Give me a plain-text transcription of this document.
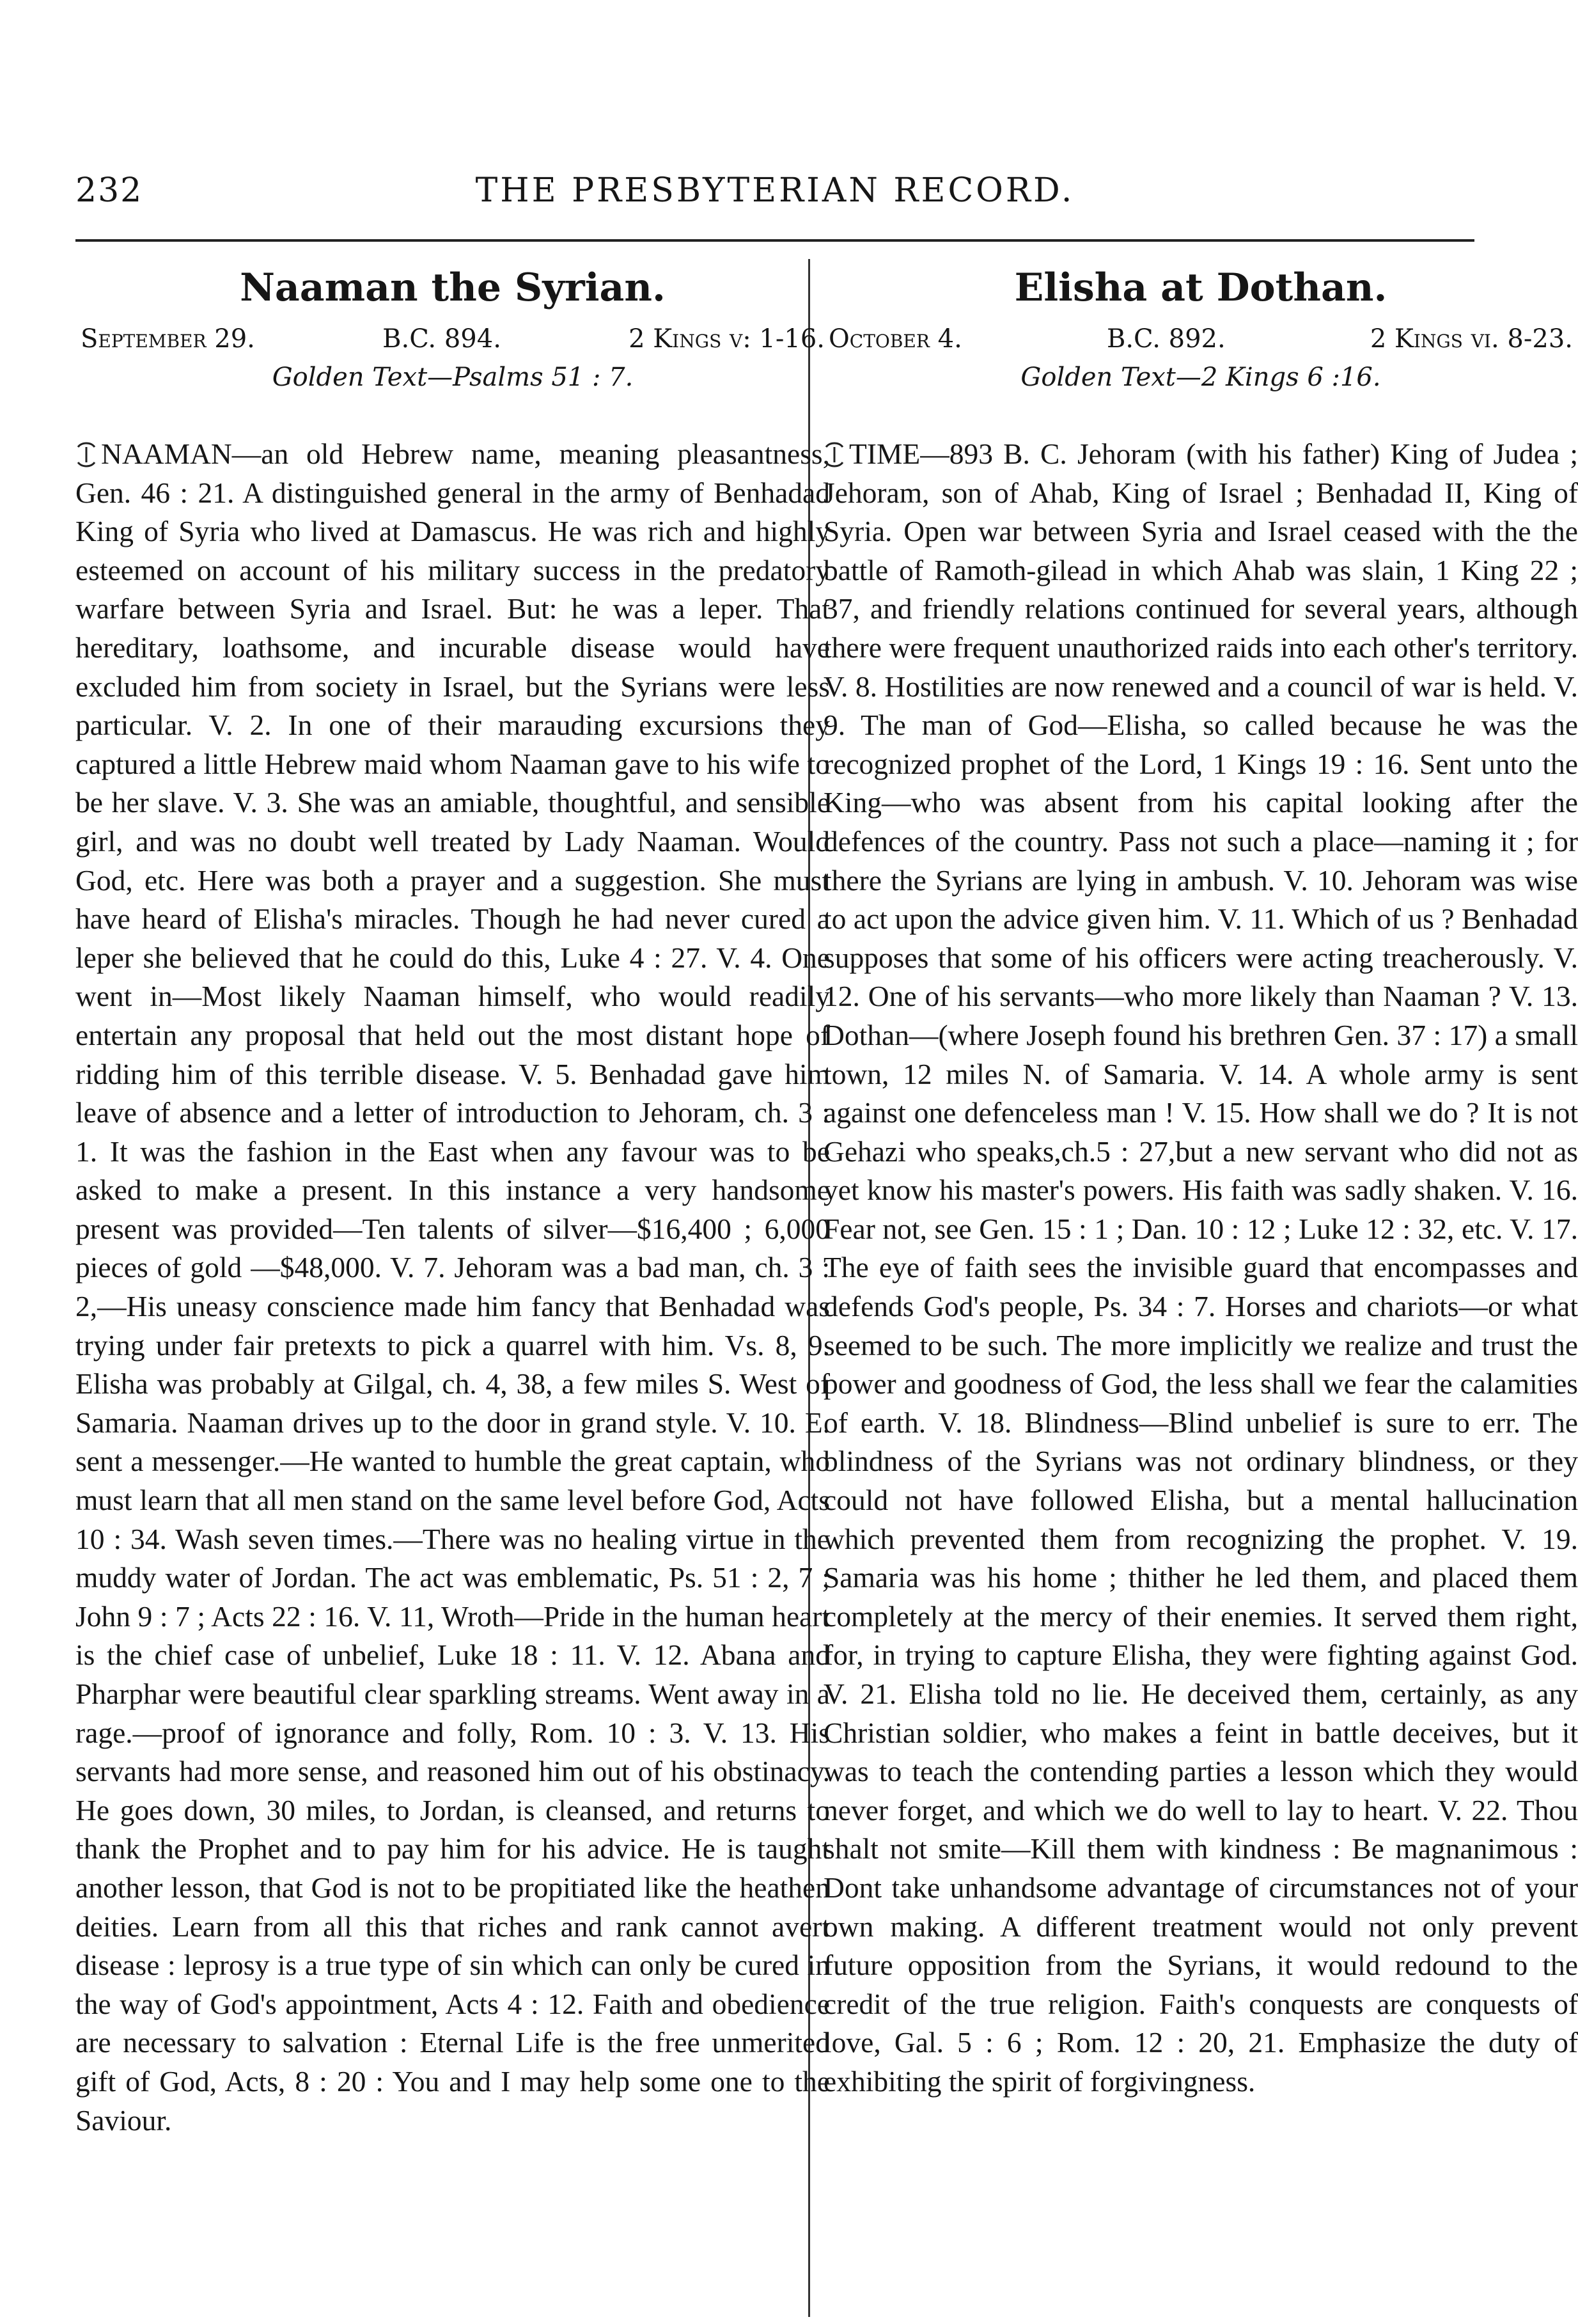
232	THE PRESBYTERIAN RECORD.
Naaman the Syrian.
September 29.	B.C. 894.	2 Kings v: 1-16.
Golden Text—Psalms 51 : 7.

NAAMAN—an old Hebrew name, meaning pleasantness, Gen. 46 : 21. A distinguished general in the army of Benhadad King of Syria who lived at Damascus. He was rich and highly esteemed on account of his military success in the predatory warfare between Syria and Israel. But: he was a leper. That hereditary, loathsome, and incurable disease would have excluded him from society in Israel, but the Syrians were less particular. V. 2. In one of their marauding excursions they captured a little Hebrew maid whom Naaman gave to his wife to be her slave. V. 3. She was an amiable, thoughtful, and sensible girl, and was no doubt well treated by Lady Naaman. Would God, etc. Here was both a prayer and a suggestion. She must have heard of Elisha's miracles. Though he had never cured a leper she believed that he could do this, Luke 4 : 27. V. 4. One went in—Most likely Naaman himself, who would readily entertain any proposal that held out the most distant hope of ridding him of this terrible disease. V. 5. Benhadad gave him leave of absence and a letter of introduction to Jehoram, ch. 3 : 1. It was the fashion in the East when any favour was to be asked to make a present. In this instance a very handsome present was provided—Ten talents of silver—$16,400 ; 6,000 pieces of gold —$48,000. V. 7. Jehoram was a bad man, ch. 3 : 2,—His uneasy conscience made him fancy that Benhadad was trying under fair pretexts to pick a quarrel with him. Vs. 8, 9. Elisha was probably at Gilgal, ch. 4, 38, a few miles S. West of Samaria. Naaman drives up to the door in grand style. V. 10. E. sent a messenger.—He wanted to humble the great captain, who must learn that all men stand on the same level before God, Acts 10 : 34. Wash seven times.—There was no healing virtue in the muddy water of Jordan. The act was emblematic, Ps. 51 : 2, 7 ; John 9 : 7 ; Acts 22 : 16. V. 11, Wroth—Pride in the human heart is the chief case of unbelief, Luke 18 : 11. V. 12. Abana and Pharphar were beautiful clear sparkling streams. Went away in a rage.—proof of ignorance and folly, Rom. 10 : 3. V. 13. His servants had more sense, and reasoned him out of his obstinacy. He goes down, 30 miles, to Jordan, is cleansed, and returns to thank the Prophet and to pay him for his advice. He is taught another lesson, that God is not to be propitiated like the heathen deities. Learn from all this that riches and rank cannot avert disease : leprosy is a true type of sin which can only be cured in the way of God's appointment, Acts 4 : 12. Faith and obedience are necessary to salvation : Eternal Life is the free unmerited gift of God, Acts, 8 : 20 : You and I may help some one to the Saviour.

Elisha at Dothan.
October 4.	B.C. 892.	2 Kings vi. 8-23.
Golden Text—2 Kings 6 :16.

TIME—893 B. C. Jehoram (with his father) King of Judea ; Jehoram, son of Ahab, King of Israel ; Benhadad II, King of Syria. Open war between Syria and Israel ceased with the the battle of Ramoth-gilead in which Ahab was slain, 1 King 22 ; 37, and friendly relations continued for several years, although there were frequent unauthorized raids into each other's territory. V. 8. Hostilities are now renewed and a council of war is held. V. 9. The man of God—Elisha, so called because he was the recognized prophet of the Lord, 1 Kings 19 : 16. Sent unto the King—who was absent from his capital looking after the defences of the country. Pass not such a place—naming it ; for there the Syrians are lying in ambush. V. 10. Jehoram was wise to act upon the advice given him. V. 11. Which of us ? Benhadad supposes that some of his officers were acting treacherously. V. 12. One of his servants—who more likely than Naaman ? V. 13. Dothan—(where Joseph found his brethren Gen. 37 : 17) a small town, 12 miles N. of Samaria. V. 14. A whole army is sent against one defenceless man ! V. 15. How shall we do ? It is not Gehazi who speaks,ch.5 : 27,but a new servant who did not as yet know his master's powers. His faith was sadly shaken. V. 16. Fear not, see Gen. 15 : 1 ; Dan. 10 : 12 ; Luke 12 : 32, etc. V. 17. The eye of faith sees the invisible guard that encompasses and defends God's people, Ps. 34 : 7. Horses and chariots—or what seemed to be such. The more implicitly we realize and trust the power and goodness of God, the less shall we fear the calamities of earth. V. 18. Blindness—Blind unbelief is sure to err. The blindness of the Syrians was not ordinary blindness, or they could not have followed Elisha, but a mental hallucination which prevented them from recognizing the prophet. V. 19. Samaria was his home ; thither he led them, and placed them completely at the mercy of their enemies. It served them right, for, in trying to capture Elisha, they were fighting against God. V. 21. Elisha told no lie. He deceived them, certainly, as any Christian soldier, who makes a feint in battle deceives, but it was to teach the contending parties a lesson which they would never forget, and which we do well to lay to heart. V. 22. Thou shalt not smite—Kill them with kindness : Be magnanimous : Dont take unhandsome advantage of circumstances not of your own making. A different treatment would not only prevent future opposition from the Syrians, it would redound to the credit of the true religion. Faith's conquests are conquests of love, Gal. 5 : 6 ; Rom. 12 : 20, 21. Emphasize the duty of exhibiting the spirit of forgivingness.
